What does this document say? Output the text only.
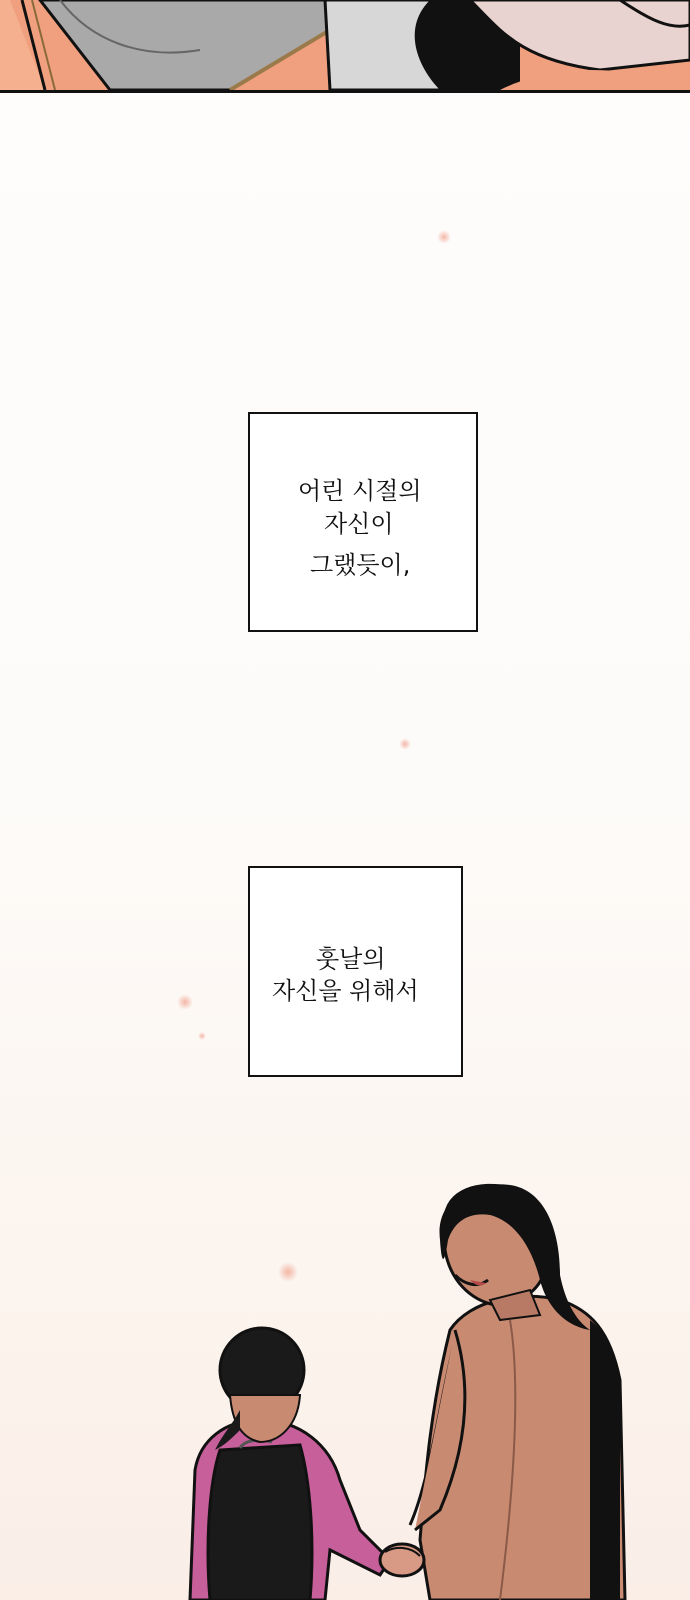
어린 시절의
자신이
그랬듯이,
훗날의
자신을 위해서
